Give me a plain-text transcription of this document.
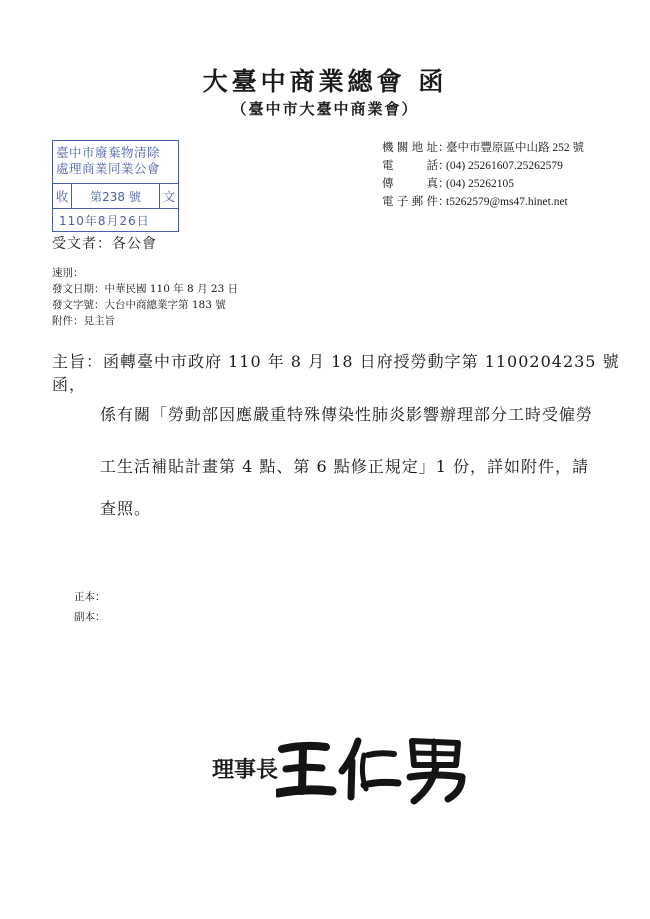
大臺中商業總會 函
（臺中市大臺中商業會）
臺中市廢棄物清除
處理商業同業公會
收	第238
號 文
110年8月26日
機關地址：臺中市豐原區中山路 252 號
電　　話：(04) 25261607.25262579
傳　　真：(04) 25262105
電子郵件：t5262579@ms47.hinet.net
受文者：各公會
速別：
發文日期：中華民國 110 年 8 月 23 日
發文字號：大台中商總業字第 183 號
附件：見主旨
主旨：函轉臺中市政府 110 年 8 月 18 日府授勞動字第 1100204235 號函，
係有關「勞動部因應嚴重特殊傳染性肺炎影響辦理部分工時受僱勞
工生活補貼計畫第 4 點、第 6 點修正規定」1 份，詳如附件，請
查照。
正本：
副本：
理事長
